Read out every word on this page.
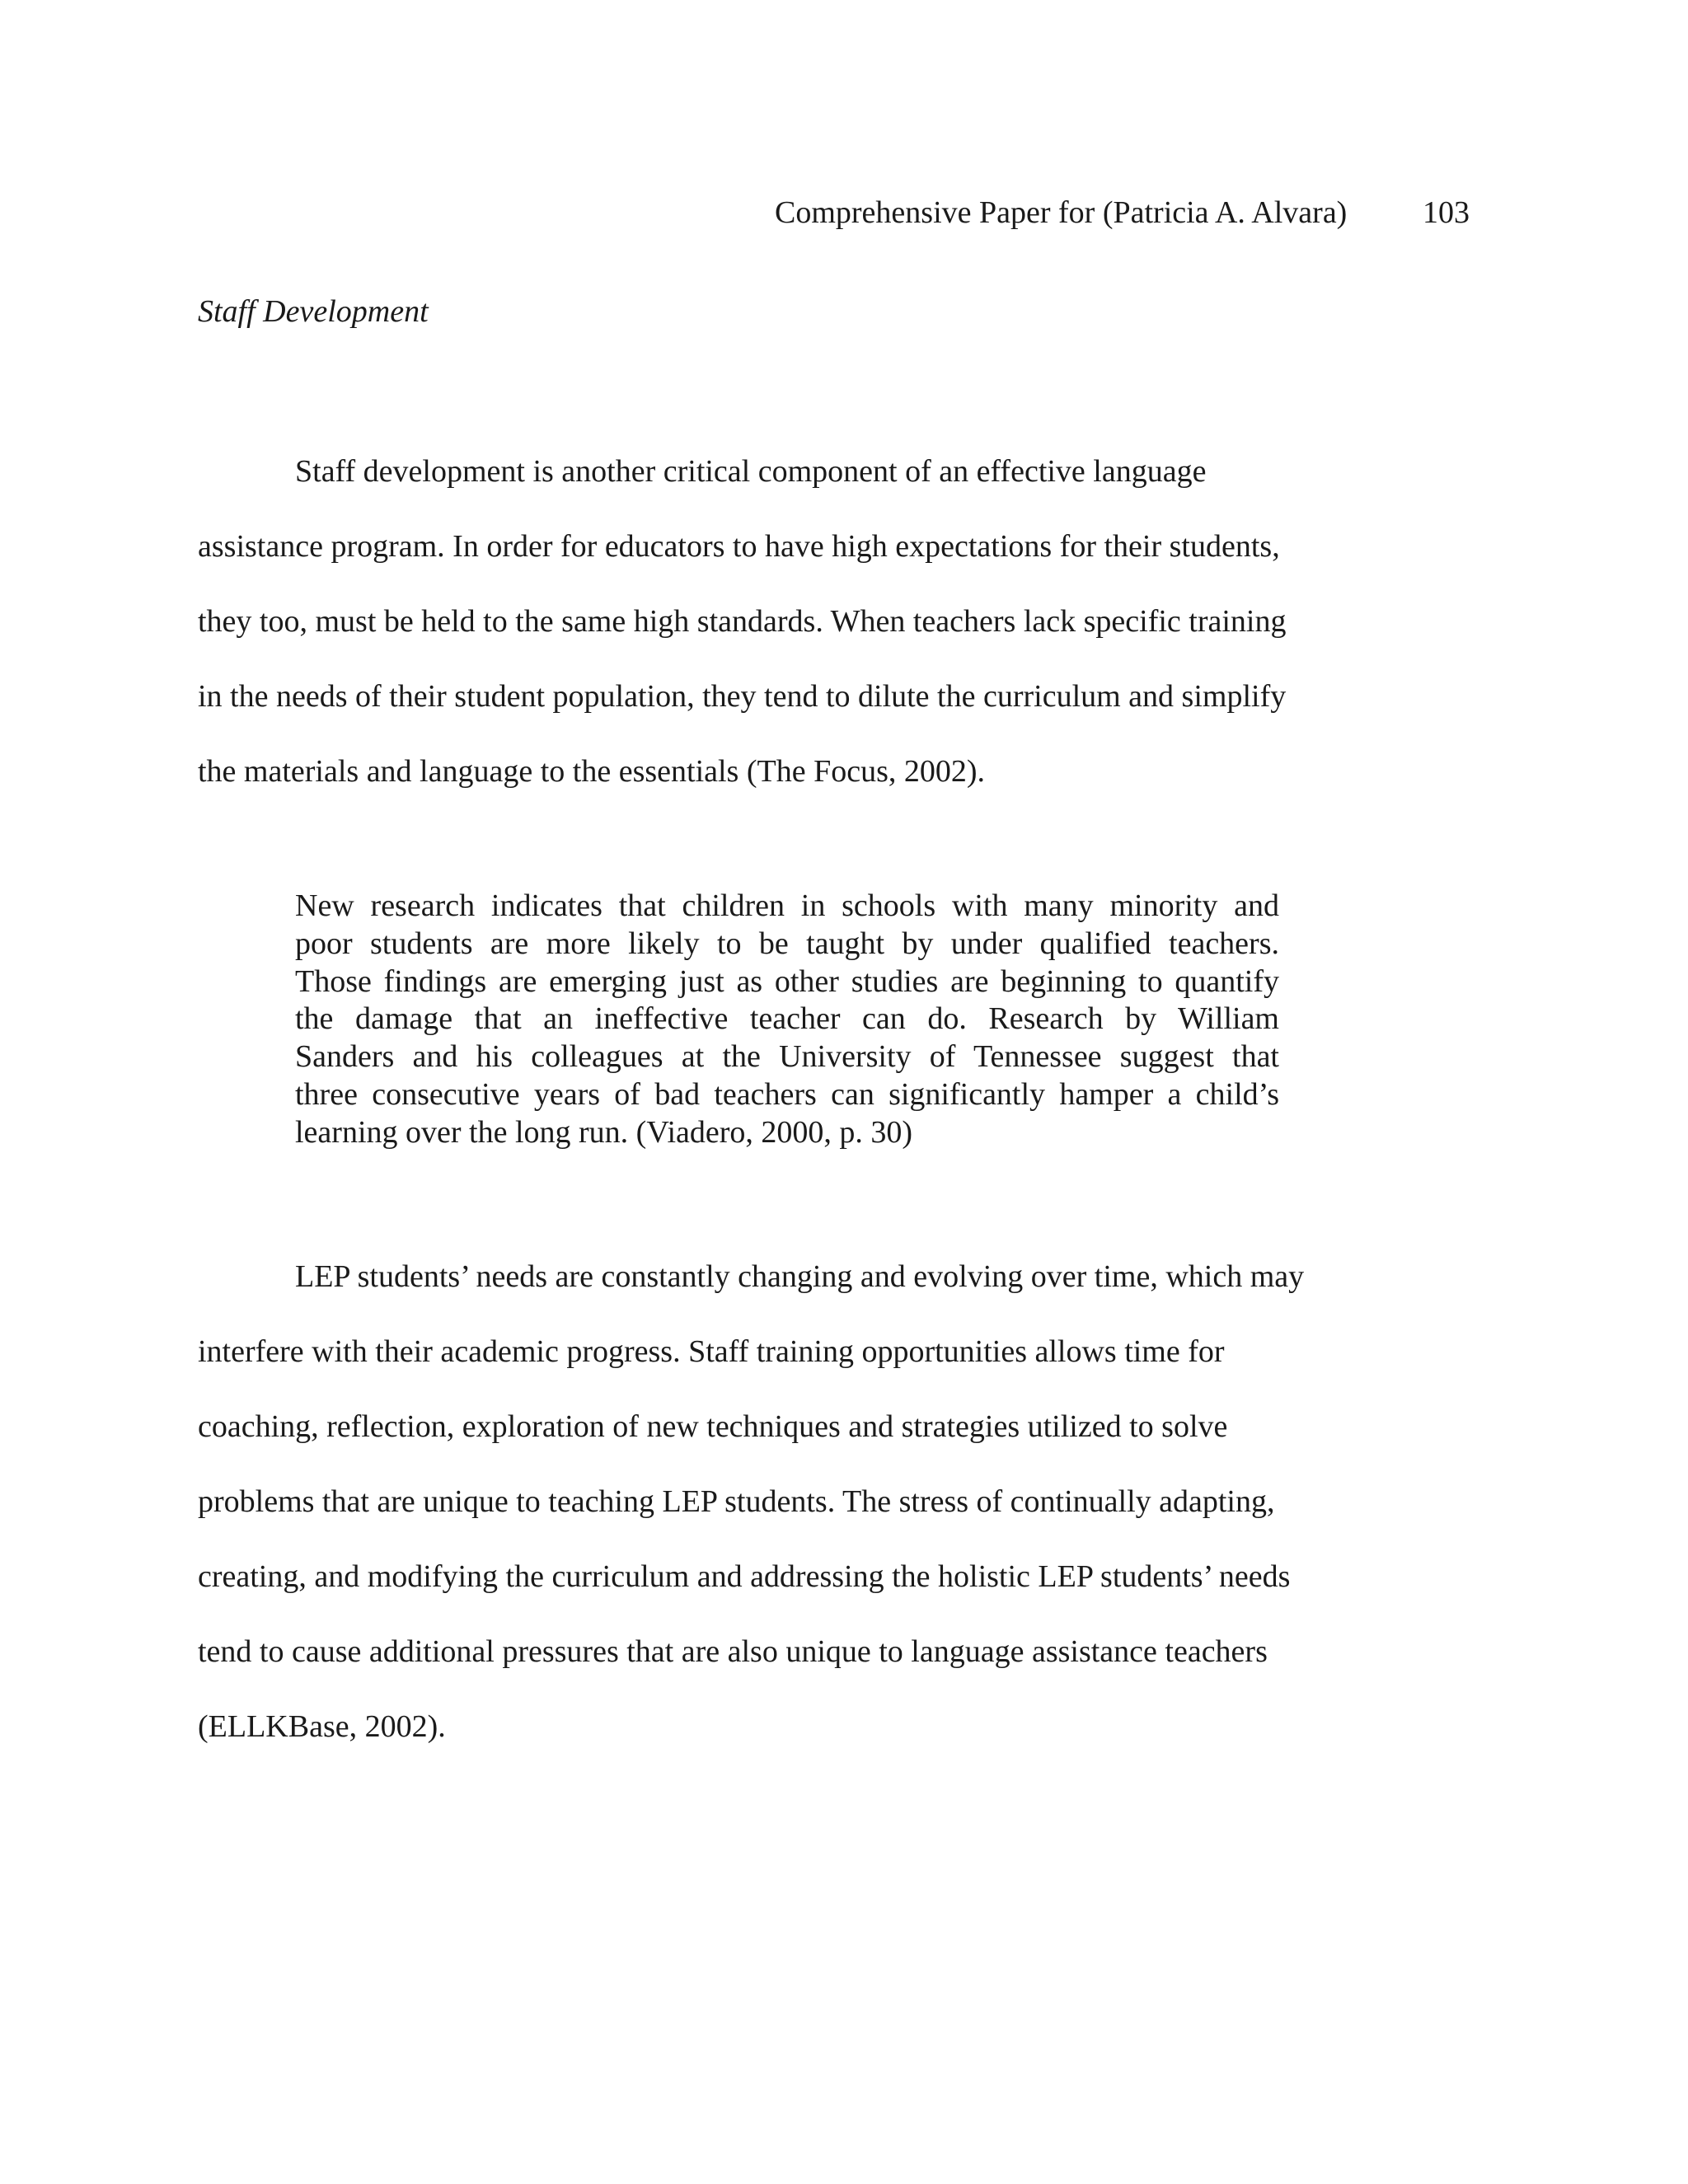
Comprehensive Paper for (Patricia A. Alvara) 103
Staff Development
Staff development is another critical component of an effective language
assistance program. In order for educators to have high expectations for their students,
they too, must be held to the same high standards. When teachers lack specific training
in the needs of their student population, they tend to dilute the curriculum and simplify
the materials and language to the essentials (The Focus, 2002).
New research indicates that children in schools with many minority and
poor students are more likely to be taught by under qualified teachers.
Those findings are emerging just as other studies are beginning to quantify
the damage that an ineffective teacher can do. Research by William
Sanders and his colleagues at the University of Tennessee suggest that
three consecutive years of bad teachers can significantly hamper a child’s
learning over the long run. (Viadero, 2000, p. 30)
LEP students’ needs are constantly changing and evolving over time, which may
interfere with their academic progress. Staff training opportunities allows time for
coaching, reflection, exploration of new techniques and strategies utilized to solve
problems that are unique to teaching LEP students. The stress of continually adapting,
creating, and modifying the curriculum and addressing the holistic LEP students’ needs
tend to cause additional pressures that are also unique to language assistance teachers
(ELLKBase, 2002).
